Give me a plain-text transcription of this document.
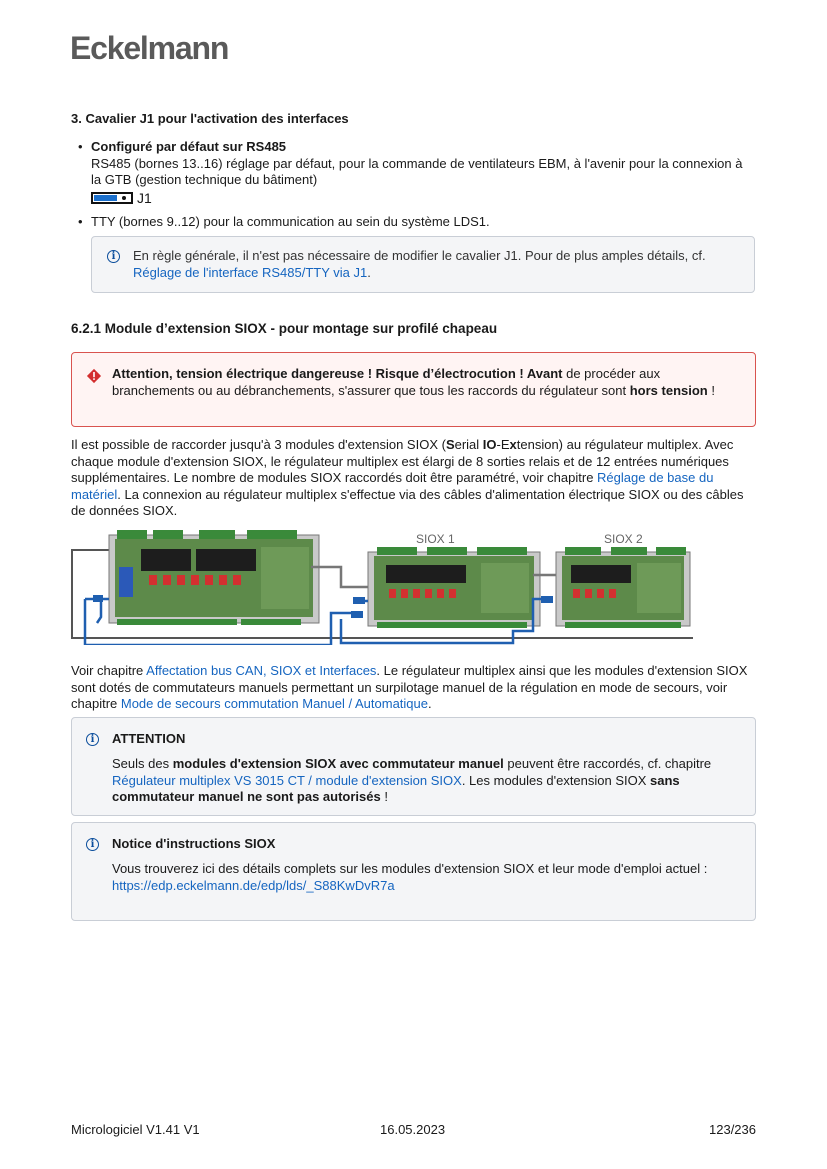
Eckelmann
3. Cavalier J1 pour l'activation des interfaces
• Configuré par défaut sur RS485
RS485 (bornes 13..16) réglage par défaut, pour la commande de ventilateurs EBM, à l'avenir pour la connexion à la GTB (gestion technique du bâtiment)
J1
• TTY (bornes 9..12) pour la communication au sein du système LDS1.
i	En règle générale, il n'est pas nécessaire de modifier le cavalier J1. Pour de plus amples détails, cf. Réglage de l'interface RS485/TTY via J1.
6.2.1 Module d’extension SIOX - pour montage sur profilé chapeau
Attention, tension électrique dangereuse ! Risque d’électrocution ! Avant de procéder aux branchements ou au débranchements, s'assurer que tous les raccords du régulateur sont hors tension !
Il est possible de raccorder jusqu'à 3 modules d'extension SIOX (Serial IO-Extension) au régulateur multiplex. Avec chaque module d'extension SIOX, le régulateur multiplex est élargi de 8 sorties relais et de 12 entrées numériques supplémentaires. Le nombre de modules SIOX raccordés doit être paramétré, voir chapitre Réglage de base du matériel. La connexion au régulateur multiplex s'effectue via des câbles d'alimentation électrique SIOX ou des câbles de données SIOX.
SIOX 1	SIOX 2
Voir chapitre Affectation bus CAN, SIOX et Interfaces. Le régulateur multiplex ainsi que les modules d'extension SIOX sont dotés de commutateurs manuels permettant un surpilotage manuel de la régulation en mode de secours, voir chapitre Mode de secours commutation Manuel / Automatique.
i	ATTENTION
Seuls des modules d'extension SIOX avec commutateur manuel peuvent être raccordés, cf. chapitre Régulateur multiplex VS 3015 CT / module d'extension SIOX. Les modules d'extension SIOX sans commutateur manuel ne sont pas autorisés !
i	Notice d'instructions SIOX
Vous trouverez ici des détails complets sur les modules d'extension SIOX et leur mode d'emploi actuel :
https://edp.eckelmann.de/edp/lds/_S88KwDvR7a
Micrologiciel V1.41 V1	16.05.2023	123/236
